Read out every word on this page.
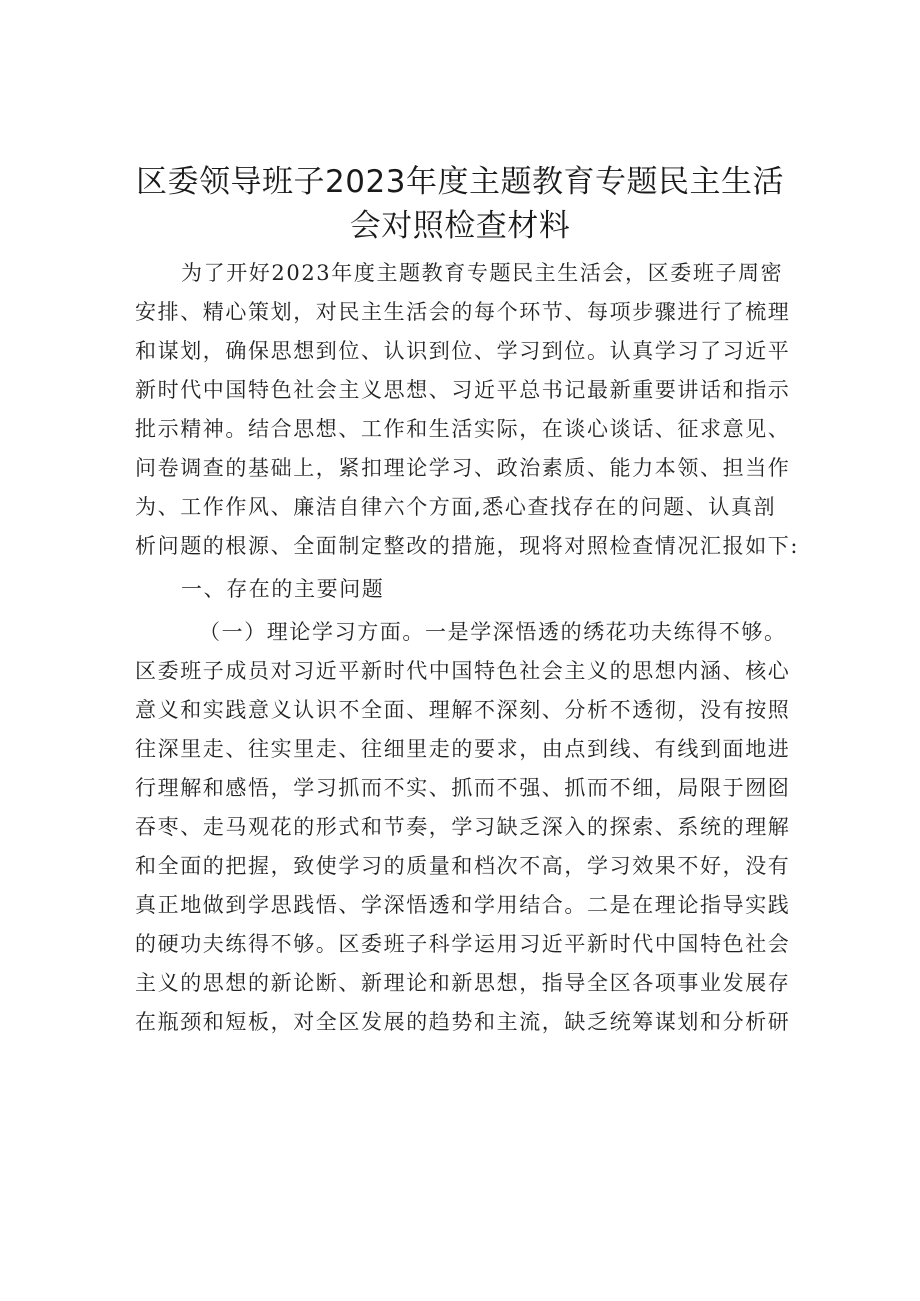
区委领导班子2023年度主题教育专题民主生活
会对照检查材料
为了开好2023年度主题教育专题民主生活会，区委班子周密
安排、精心策划，对民主生活会的每个环节、每项步骤进行了梳理
和谋划，确保思想到位、认识到位、学习到位。认真学习了习近平
新时代中国特色社会主义思想、习近平总书记最新重要讲话和指示
批示精神。结合思想、工作和生活实际，在谈心谈话、征求意见、
问卷调查的基础上，紧扣理论学习、政治素质、能力本领、担当作
为、工作作风、廉洁自律六个方面,悉心查找存在的问题、认真剖
析问题的根源、全面制定整改的措施，现将对照检查情况汇报如下:
一、存在的主要问题
（一）理论学习方面。一是学深悟透的绣花功夫练得不够。
区委班子成员对习近平新时代中国特色社会主义的思想内涵、核心
意义和实践意义认识不全面、理解不深刻、分析不透彻，没有按照
往深里走、往实里走、往细里走的要求，由点到线、有线到面地进
行理解和感悟，学习抓而不实、抓而不强、抓而不细，局限于囫囵
吞枣、走马观花的形式和节奏，学习缺乏深入的探索、系统的理解
和全面的把握，致使学习的质量和档次不高，学习效果不好，没有
真正地做到学思践悟、学深悟透和学用结合。二是在理论指导实践
的硬功夫练得不够。区委班子科学运用习近平新时代中国特色社会
主义的思想的新论断、新理论和新思想，指导全区各项事业发展存
在瓶颈和短板，对全区发展的趋势和主流，缺乏统筹谋划和分析研
